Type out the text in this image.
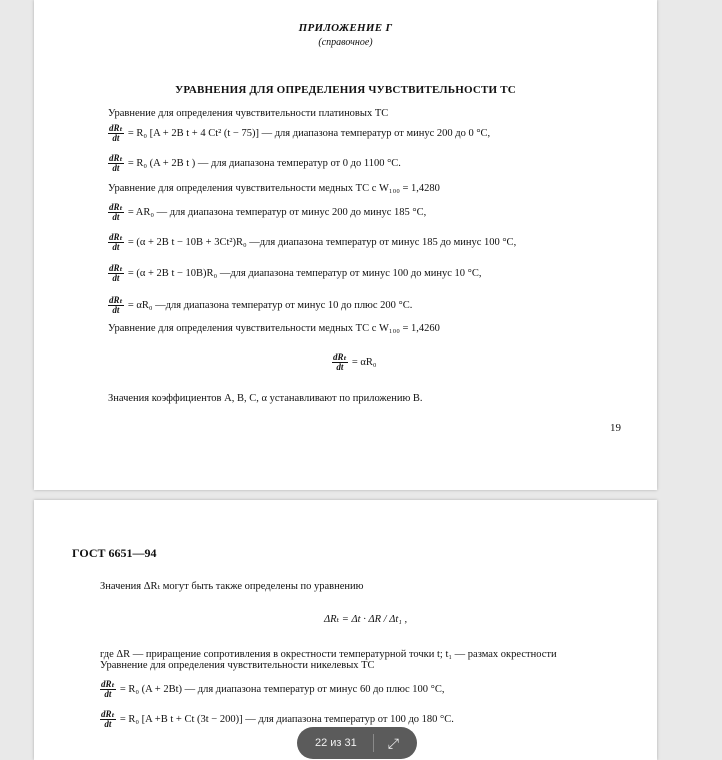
ПРИЛОЖЕНИЕ Г
(справочное)
УРАВНЕНИЯ ДЛЯ ОПРЕДЕЛЕНИЯ ЧУВСТВИТЕЛЬНОСТИ ТС
Уравнение для определения чувствительности платиновых ТС
$\frac{\text{dRₜ}}{dt} = R_0$ [A + 2B t + 4 Ct² (t − 75)] — для диапазона температур от минус 200 до 0 °С,
$\frac{\text{dRₜ}}{dt} = R_0$ (A + 2B t ) — для диапазона температур от 0 до 1100 °С.
Уравнение для определения чувствительности медных ТС с W₁₀₀ = 1,4280
$\frac{\text{dRₜ}}{dt} = AR_0$ — для диапазона температур от минус 200 до минус 185 °С,
$\frac{\text{dRₜ}}{dt} = (\alpha + 2B$ t − 10B + 3Ct²)R₀ —для диапазона температур от минус 185 до минус 100 °С,
$\frac{\text{dRₜ}}{dt} = (\alpha + 2B$ t − 10B)R₀ —для диапазона температур от минус 100 до минус 10 °С,
$\frac{\text{dRₜ}}{dt} = \alpha R_0$ —для диапазона температур от минус 10 до плюс 200 °С.
Уравнение для определения чувствительности медных ТС с W₁₀₀ = 1,4260
$\frac{\text{dRₜ}}{dt} = \alpha R_0$
Значения коэффициентов A, B, C, α устанавливают по приложению В.
19
ГОСТ 6651—94
Значения ΔRₜ могут быть также определены по уравнению
ΔRₜ = Δt · ΔR / Δt₁ ,
где ΔR — приращение сопротивления в окрестности температурной точки t; t₁ — размах окрестности
Уравнение для определения чувствительности никелевых ТС
$\frac{\text{dRₜ}}{dt} = R_0$ (A + 2Bt) — для диапазона температур от минус 60 до плюс 100 °С,
$\frac{\text{dRₜ}}{dt} = R_0$ [A +B t + Ct (3t − 200)] — для диапазона температур от 100 до 180 °С.
22 из 31 ⤢
